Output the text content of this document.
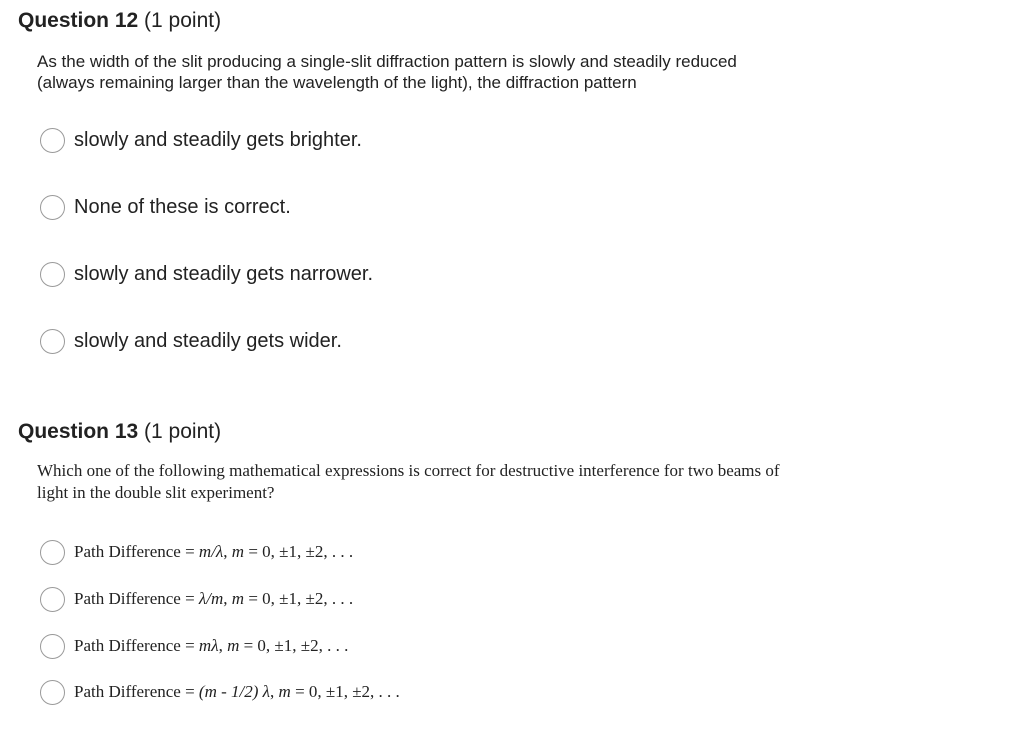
Question 12 (1 point)
As the width of the slit producing a single-slit diffraction pattern is slowly and steadily reduced
(always remaining larger than the wavelength of the light), the diffraction pattern
slowly and steadily gets brighter.
None of these is correct.
slowly and steadily gets narrower.
slowly and steadily gets wider.
Question 13 (1 point)
Which one of the following mathematical expressions is correct for destructive interference for two beams of
light in the double slit experiment?
Path Difference = m/λ, m = 0, ±1, ±2, . . .
Path Difference = λ/m, m = 0, ±1, ±2, . . .
Path Difference = mλ, m = 0, ±1, ±2, . . .
Path Difference = (m - 1/2) λ, m = 0, ±1, ±2, . . .
